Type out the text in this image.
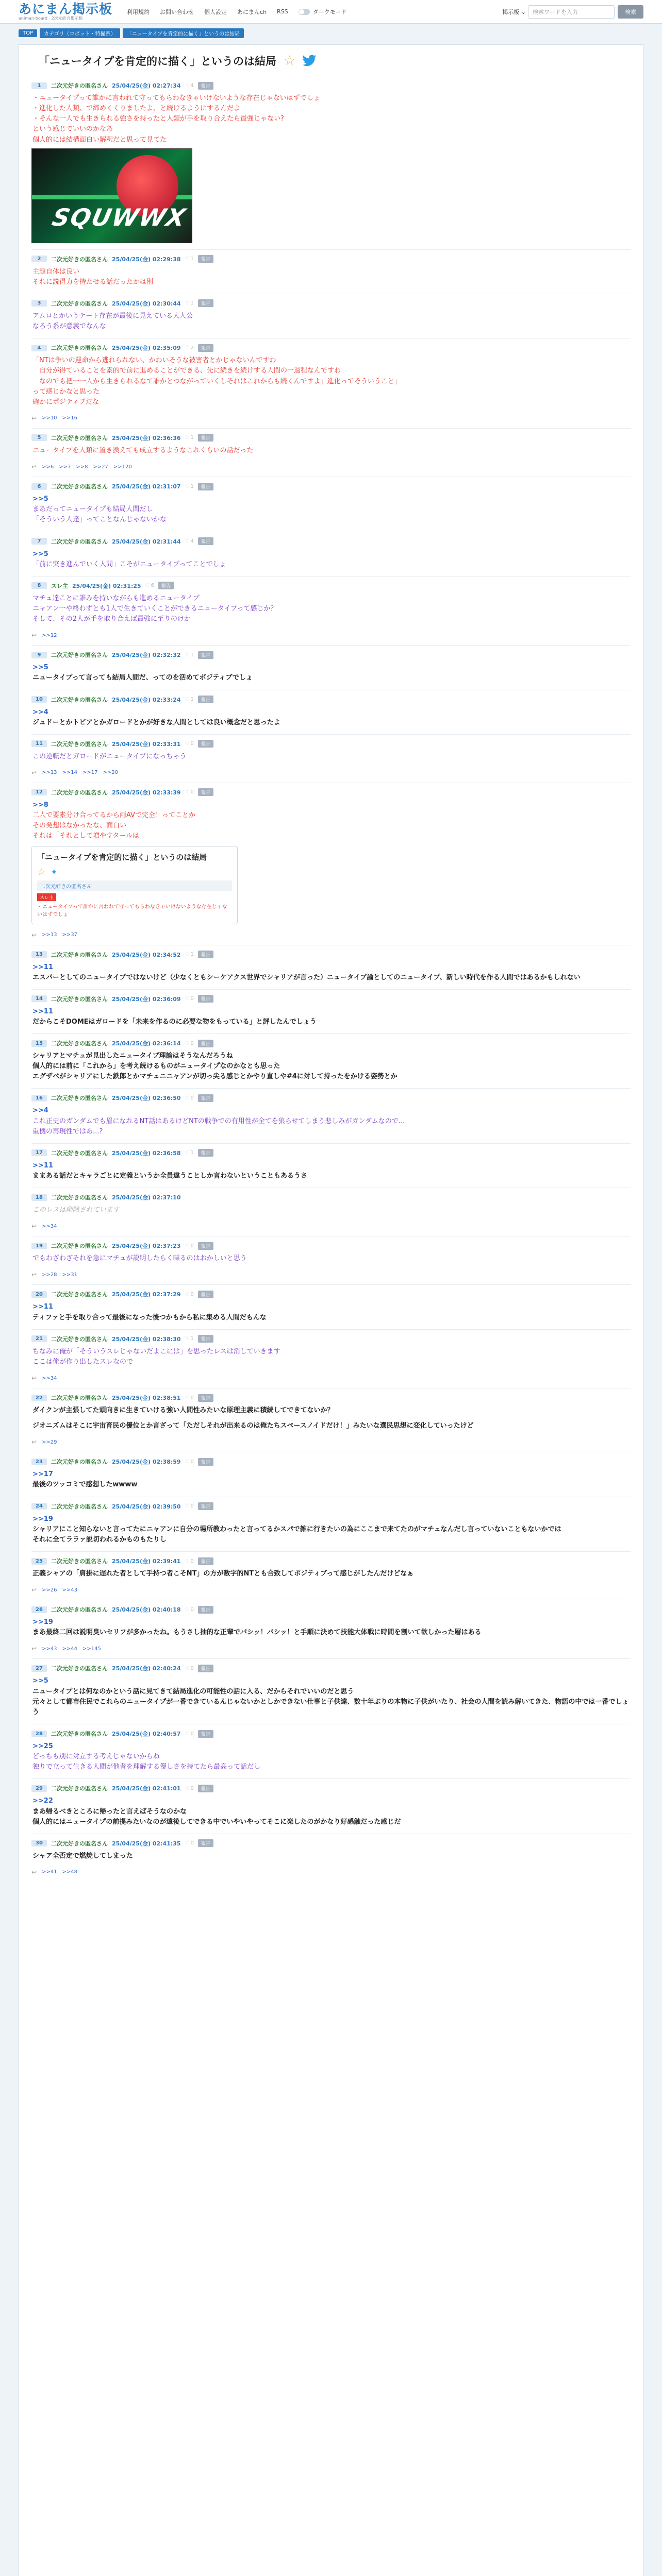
あにまん掲示板
animan-board · 2次元総合掲示板
利用規約 お問い合わせ 個人設定 あにまんch RSS	ダークモード	掲示板 ⌄	検索ワードを入力	検索
TOP	カテゴリ（ロボット・特撮系）	「ニュータイプを肯定的に描く」というのは結局
「ニュータイプを肯定的に描く」というのは結局 ☆
1	二次元好きの匿名さん 25/04/25(金) 02:27:34 ♡ 4	報告
・ニュータイプって誰かに言われて守ってもらわなきゃいけないような存在じゃないはずでしょ
・進化した人類、で締めくくりましたよ、と続けるようにするんだよ
・そんな一人でも生きられる強さを持ったと人類が手を取り合えたら最強じゃない?
という感じでいいのかなあ
個人的には結構面白い解釈だと思って見てた
SQUWWX
2	二次元好きの匿名さん 25/04/25(金) 02:29:38 ♡ 1	報告
主題自体は良い
それに説得力を持たせる話だったかは別
3	二次元好きの匿名さん 25/04/25(金) 02:30:44 ♡ 1	報告
アムロとかいうテート存在が最後に見えている大人公
なろう系が意義でなんな
4	二次元好きの匿名さん 25/04/25(金) 02:35:09 ♡ 2	報告
「NTは争いの運命から逃れられない、かわいそうな被害者とかじゃないんですわ
　自分が得ていることを素的で前に進めることができる、先に続きを続けする人間の一過程なんですわ
　なのでも把一一人から生きられるなて誰かとつながっていくしそれはこれからも続くんですよ」進化ってそういうこと」
って感じかなと思った
確かにポジティブだな
↩ >>10 >>16
5	二次元好きの匿名さん 25/04/25(金) 02:36:36 ♡ 1	報告
ニュータイプを人類に置き換えても成立するようなこれくらいの話だった
↩ >>6 >>7 >>8 >>27 >>120
6	二次元好きの匿名さん 25/04/25(金) 02:31:07 ♡ 1	報告
>>5
まあだってニュータイプも結局人間だし
「そういう人達」ってことなんじゃないかな
7	二次元好きの匿名さん 25/04/25(金) 02:31:44 ♡ 4	報告
>>5
「前に突き進んでいく人間」こそがニュータイプってことでしょ
8	スレ主 25/04/25(金) 02:31:25 ♡ 6	報告
マチュ達ことに誰みを持いながらも進めるニュータイプ
ニャアン一や終わずとも1人で生きていくことができるニュータイプって感じか？
そして、その2人が手を取り合えば最強に至りのけか
↩ >>12
9	二次元好きの匿名さん 25/04/25(金) 02:32:32 ♡ 1	報告
>>5
ニュータイプって言っても結局人間だ、ってのを活めてポジティブでしょ
10	二次元好きの匿名さん 25/04/25(金) 02:33:24 ♡ 1	報告
>>4
ジュドーとかトビアとかガロードとかが好きな人間としては良い概念だと思ったよ
11	二次元好きの匿名さん 25/04/25(金) 02:33:31 ♡ 0	報告
この逆転だとガロードがニュータイプになっちゃう
↩ >>13 >>14 >>17 >>20
12	二次元好きの匿名さん 25/04/25(金) 02:33:39 ♡ 0	報告
>>8
二人で要素分け合ってるから両AVで完全！ってことか
その発想はなかったな、面白い
それは「それとして増やすタールは
「ニュータイプを肯定的に描く」というのは結局
☆ ✦
二次元好きの匿名さん
スレ主
・ニュータイプって誰かに言われて守ってもらわなきゃいけないような存在じゃないはずでしょ
↩ >>13 >>37
13	二次元好きの匿名さん 25/04/25(金) 02:34:52 ♡ 1	報告
>>11
エスパーとしてのニュータイプではないけど（少なくともシーケアクス世界でシャリアが言った）ニュータイプ論としてのニュータイプ、新しい時代を作る人間ではあるかもしれない
14	二次元好きの匿名さん 25/04/25(金) 02:36:09 ♡ 0	報告
>>11
だからこそDOMEはガロードを「未来を作るのに必要な物をもっている」と評したんでしょう
15	二次元好きの匿名さん 25/04/25(金) 02:36:14 ♡ 0	報告
シャリアとマチュが見出したニュータイプ理論はそうなんだろうね
個人的には前に「これから」を考え続けるものがニュータイプなのかなとも思った
エグザベがシャリアにした鉄郎とかマチュニニャアンが切っ尖る感じとかやり直しや#4に対して持ったをかける姿勢とか
16	二次元好きの匿名さん 25/04/25(金) 02:36:50 ♡ 0	報告
>>4
これ正史のガンダムでも眉になれるNT話はあるけどNTの戦争での有用性が全てを狼らせてしまう悲しみがガンダムなので...
重機の再現性ではあ...?
17	二次元好きの匿名さん 25/04/25(金) 02:36:58 ♡ 1	報告
>>11
ままある話だとキャラごとに定義というか全員違うことしか言わないということもあるうさ
18	二次元好きの匿名さん 25/04/25(金) 02:37:10
このレスは削除されています
↩ >>34
19	二次元好きの匿名さん 25/04/25(金) 02:37:23 ♡ 0	報告
でもわざわざそれを急にマチュが説明したらく喋るのはおかしいと思う
↩ >>28 >>31
20	二次元好きの匿名さん 25/04/25(金) 02:37:29 ♡ 0	報告
>>11
ティファと手を取り合って最後になった後つかもから私に集める人間だもんな
21	二次元好きの匿名さん 25/04/25(金) 02:38:30 ♡ 1	報告
ちなみに俺が「そういうスレじゃないだよこには」を思ったレスは消していきます
ここは俺が作り出したスレなので
↩ >>34
22	二次元好きの匿名さん 25/04/25(金) 02:38:51 ♡ 0	報告
ダイクンが主張してた頭向きに生きていける強い人間性みたいな原理主義に積続してできてないか？
ジオニズムはそこに宇宙育民の優位とか言ざって「ただしそれが出来るのは俺たちスペースノイドだけ！」みたいな選民思想に変化していったけど
↩ >>29
23	二次元好きの匿名さん 25/04/25(金) 02:38:59 ♡ 0	報告
>>17
最後のツッコミで感想したwwww
24	二次元好きの匿名さん 25/04/25(金) 02:39:50 ♡ 0	報告
>>19
シャリアにこと知らないと言ってたにニャアンに自分の場所教わったと言ってるかスパで雑に行きたいの為にここまで来てたのがマチュなんだし言っていないこともないかでは
それに全てララァ説切われるかものもたりし
25	二次元好きの匿名さん 25/04/25(金) 02:39:41 ♡ 0	報告
正義シャアの「肩掛に遅れた者として手持つ者こそNT」の方が数字的NTとも合致してポジティブって感じがしたんだけどなぁ
↩ >>26 >>43
26	二次元好きの匿名さん 25/04/25(金) 02:40:18 ♡ 0	報告
>>19
まあ最終二回は説明臭いセリフが多かったね。もうさし抽的な正輩でパシッ！パシッ！と手順に決めて技能大体戦に時間を割いて欲しかった層はある
↩ >>43 >>44 >>145
27	二次元好きの匿名さん 25/04/25(金) 02:40:24 ♡ 0	報告
>>5
ニュータイプとは何なのかという話に見てきて結局進化の可能性の話に入る、だからそれでいいのだと思う
元々として都市住民でこれらのニュータイプが一番できているんじゃないかとしかできない仕事と子供達、数十年ぶりの本物に子供がいたり、社会の人間を読み解いてきた、物語の中では一番でしょう
28	二次元好きの匿名さん 25/04/25(金) 02:40:57 ♡ 0	報告
>>25
どっちも別に対立する考えじゃないからね
独りで立って生きる人間が他者を理解する優しさを持てたら最高って話だし
29	二次元好きの匿名さん 25/04/25(金) 02:41:01 ♡ 0	報告
>>22
まあ帰るべきところに帰ったと言えばそうなのかな
個人的にはニュータイプの前提みたいなのが遠後してできる中でいやいやってそこに楽したのがかなり好感触だった感じだ
30	二次元好きの匿名さん 25/04/25(金) 02:41:35 ♡ 0	報告
シャア全否定で燃焼してしまった
↩ >>41 >>48
